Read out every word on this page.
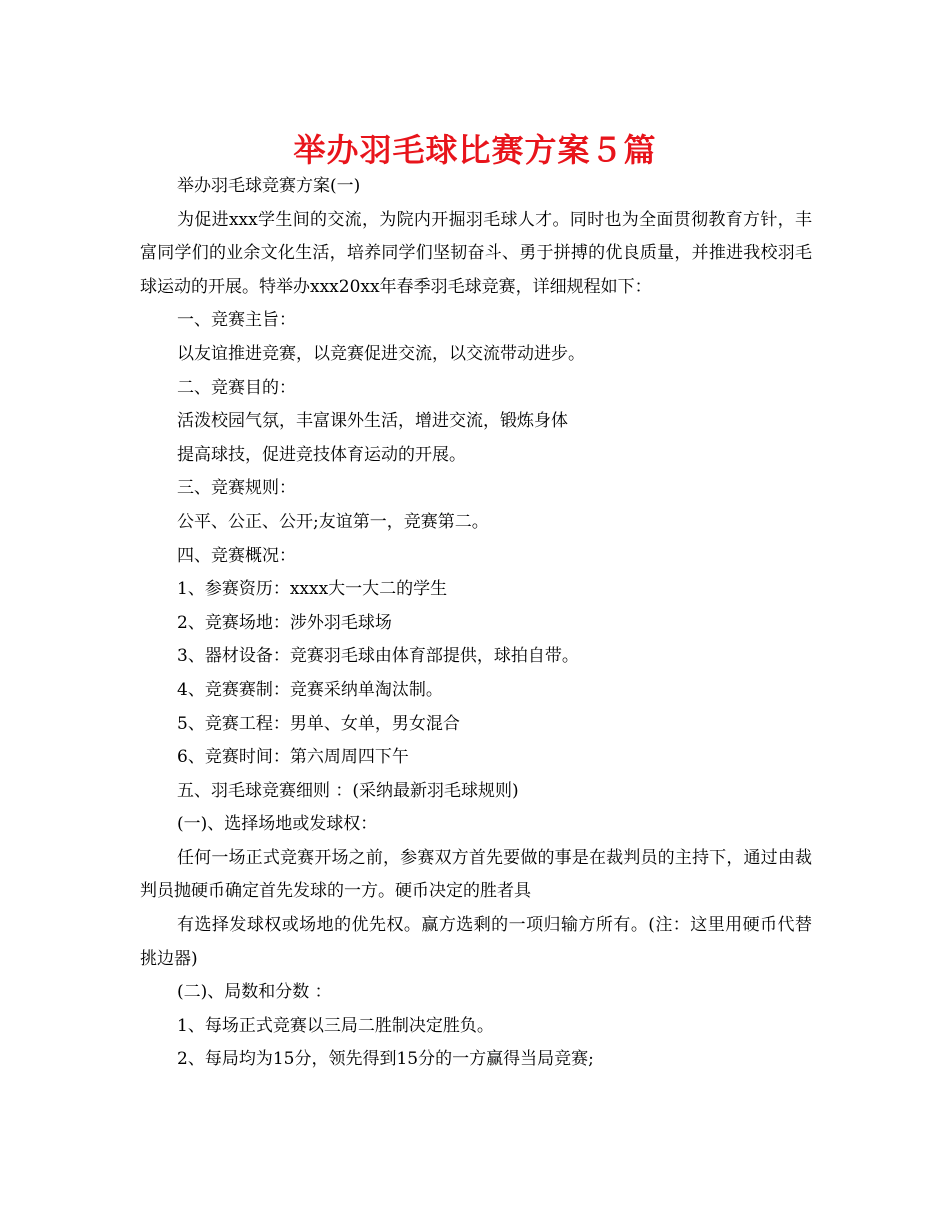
举办羽毛球比赛方案５篇

举办羽毛球竞赛方案(一)

为促进xxx学生间的交流，为院内开掘羽毛球人才。同时也为全面贯彻教育方针，丰富同学们的业余文化生活，培养同学们坚韧奋斗、勇于拼搏的优良质量，并推进我校羽毛球运动的开展。特举办xxx20xx年春季羽毛球竞赛，详细规程如下：

一、竞赛主旨：

以友谊推进竞赛，以竞赛促进交流，以交流带动进步。

二、竞赛目的：

活泼校园气氛，丰富课外生活，增进交流，锻炼身体

提高球技，促进竞技体育运动的开展。

三、竞赛规则：

公平、公正、公开;友谊第一，竞赛第二。

四、竞赛概况：

1、参赛资历：xxxx大一大二的学生

2、竞赛场地：涉外羽毛球场

3、器材设备：竞赛羽毛球由体育部提供，球拍自带。

4、竞赛赛制：竞赛采纳单淘汰制。

5、竞赛工程：男单、女单，男女混合

6、竞赛时间：第六周周四下午

五、羽毛球竞赛细则 ：(采纳最新羽毛球规则)

(一)、选择场地或发球权：

任何一场正式竞赛开场之前，参赛双方首先要做的事是在裁判员的主持下，通过由裁判员抛硬币确定首先发球的一方。硬币决定的胜者具

有选择发球权或场地的优先权。赢方选剩的一项归输方所有。(注：这里用硬币代替挑边器)

(二)、局数和分数 ：

1、每场正式竞赛以三局二胜制决定胜负。

2、每局均为15分，领先得到15分的一方赢得当局竞赛;
